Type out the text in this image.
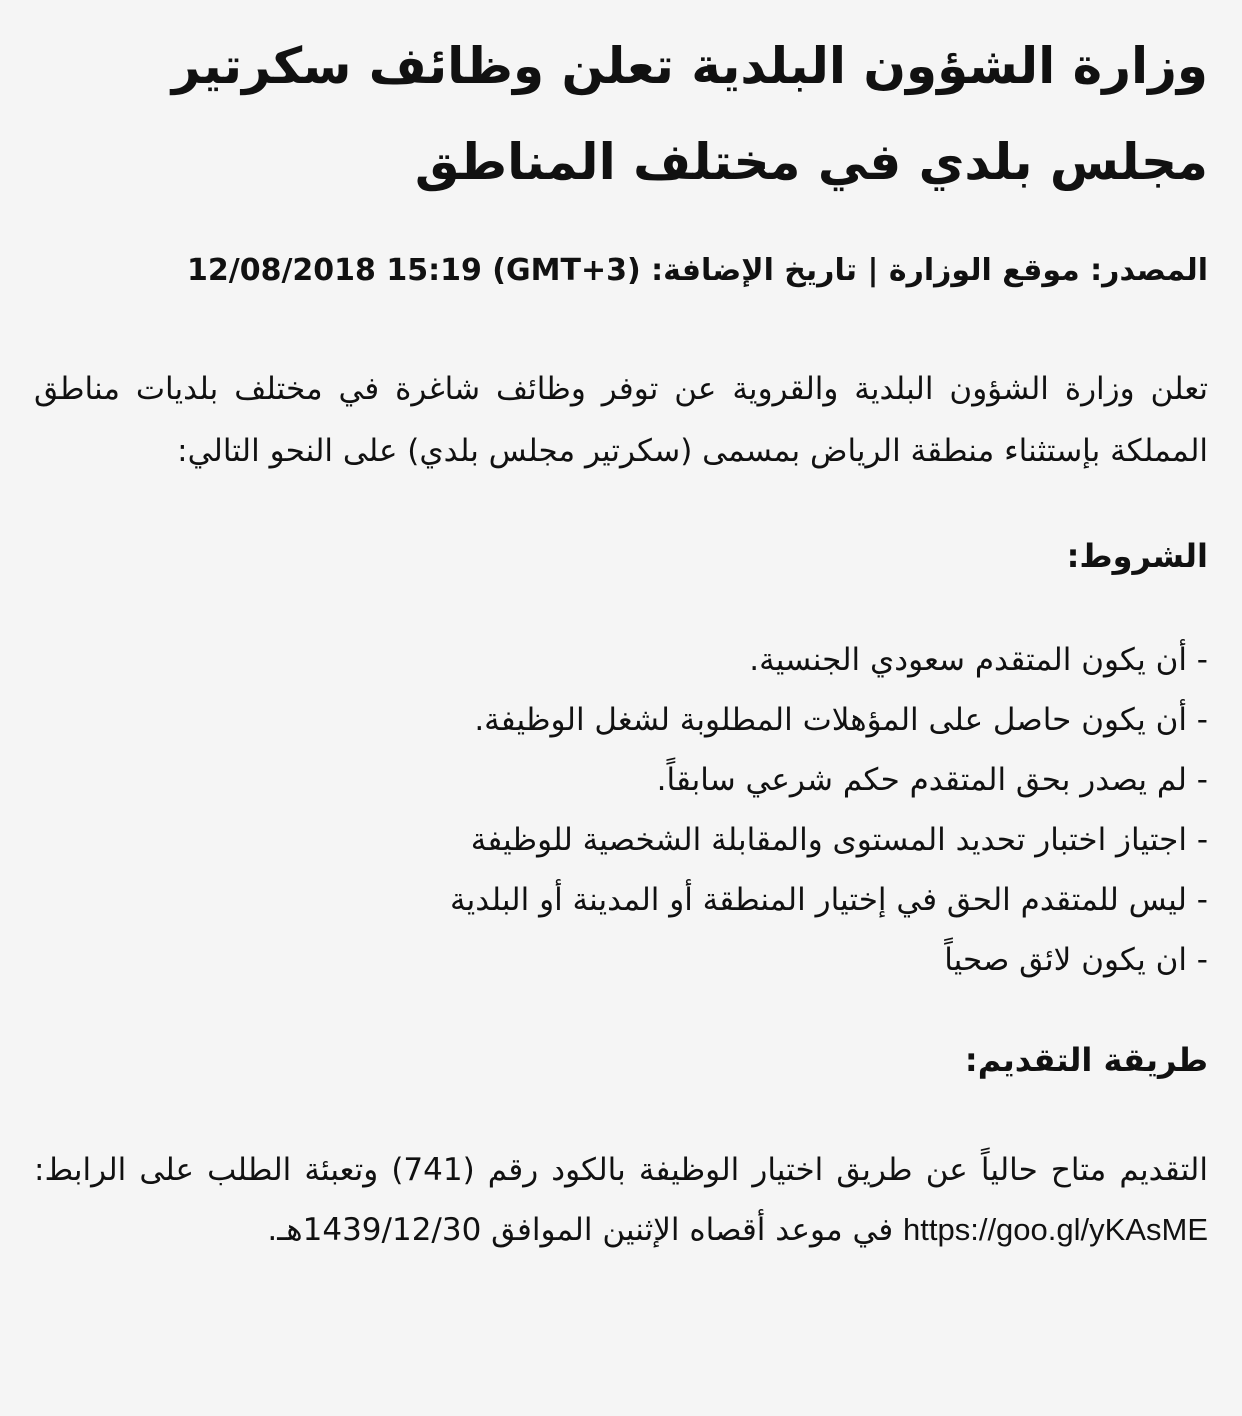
وزارة الشؤون البلدية تعلن وظائف سكرتير مجلس بلدي في مختلف المناطق
المصدر: موقع الوزارة | تاريخ الإضافة: 12/08/2018 15:19 (GMT+3)

تعلن وزارة الشؤون البلدية والقروية عن توفر وظائف شاغرة في مختلف بلديات مناطق المملكة بإستثناء منطقة الرياض بمسمى (سكرتير مجلس بلدي) على النحو التالي:

الشروط:
- أن يكون المتقدم سعودي الجنسية.
- أن يكون حاصل على المؤهلات المطلوبة لشغل الوظيفة.
- لم يصدر بحق المتقدم حكم شرعي سابقاً.
- اجتياز اختبار تحديد المستوى والمقابلة الشخصية للوظيفة
- ليس للمتقدم الحق في إختيار المنطقة أو المدينة أو البلدية
- ان يكون لائق صحياً
طريقة التقديم:

التقديم متاح حالياً عن طريق اختيار الوظيفة بالكود رقم (741) وتعبئة الطلب على الرابط: https://goo.gl/yKAsME في موعد أقصاه الإثنين الموافق 1439/12/30هـ.
